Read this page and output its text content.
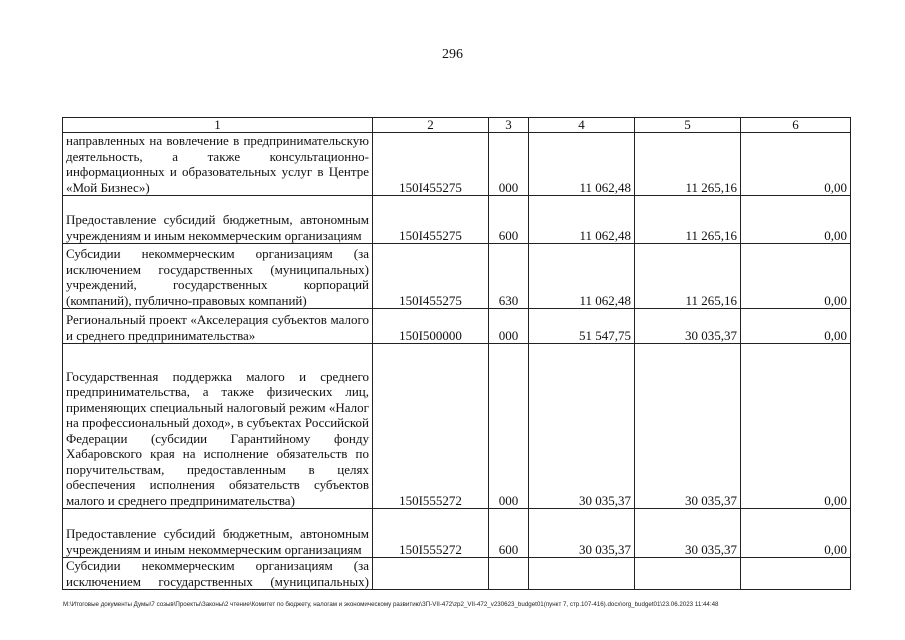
296
1	2	3	4	5	6
направленных на вовлечение в предпринимательскую деятельность, а также консультационно-информационных и образовательных услуг в Центре «Мой Бизнес»)	150I455275	000	11 062,48	11 265,16	0,00
Предоставление субсидий бюджетным, автономным учреждениям и иным некоммерческим организациям	150I455275	600	11 062,48	11 265,16	0,00
Субсидии некоммерческим организациям (за исключением государственных (муниципальных) учреждений, государственных корпораций (компаний), публично-правовых компаний)	150I455275	630	11 062,48	11 265,16	0,00
Региональный проект «Акселерация субъектов малого и среднего предпринимательства»	150I500000	000	51 547,75	30 035,37	0,00
Государственная поддержка малого и среднего предпринимательства, а также физических лиц, применяющих специальный налоговый режим «Налог на профессиональный доход», в субъектах Российской Федерации (субсидии Гарантийному фонду Хабаровского края на исполнение обязательств по поручительствам, предоставленным в целях обеспечения исполнения обязательств субъектов малого и среднего предпринимательства)	150I555272	000	30 035,37	30 035,37	0,00
Предоставление субсидий бюджетным, автономным учреждениям и иным некоммерческим организациям	150I555272	600	30 035,37	30 035,37	0,00
Субсидии некоммерческим организациям (за исключением государственных (муниципальных)					
M:\Итоговые документы Думы\7 созыв\Проекты\Законы\2 чтение\Комитет по бюджету, налогам и экономическому развитию\ЗП-VII-472\zp2_VII-472_v230623_budget01(пункт 7, стр.107-416).docx\org_budget01\23.06.2023 11:44:48
